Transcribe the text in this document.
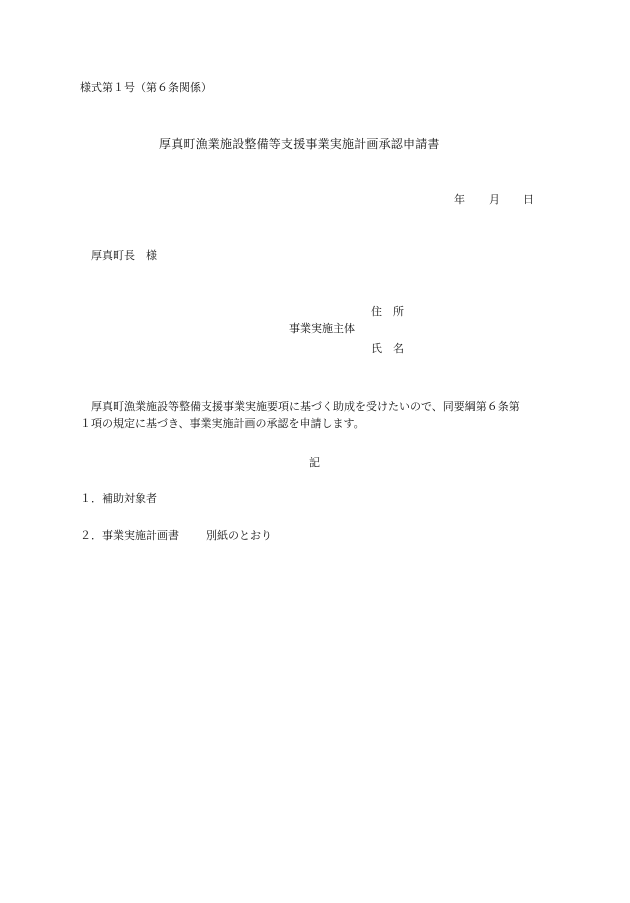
様式第１号（第６条関係）
厚真町漁業施設整備等支援事業実施計画承認申請書
年 月 日
厚真町長　様
住　所
事業実施主体
氏　名
厚真町漁業施設等整備支援事業実施要項に基づく助成を受けたいので、同要綱第６条第
１項の規定に基づき、事業実施計画の承認を申請します。
記
１．補助対象者
２．事業実施計画書 別紙のとおり
